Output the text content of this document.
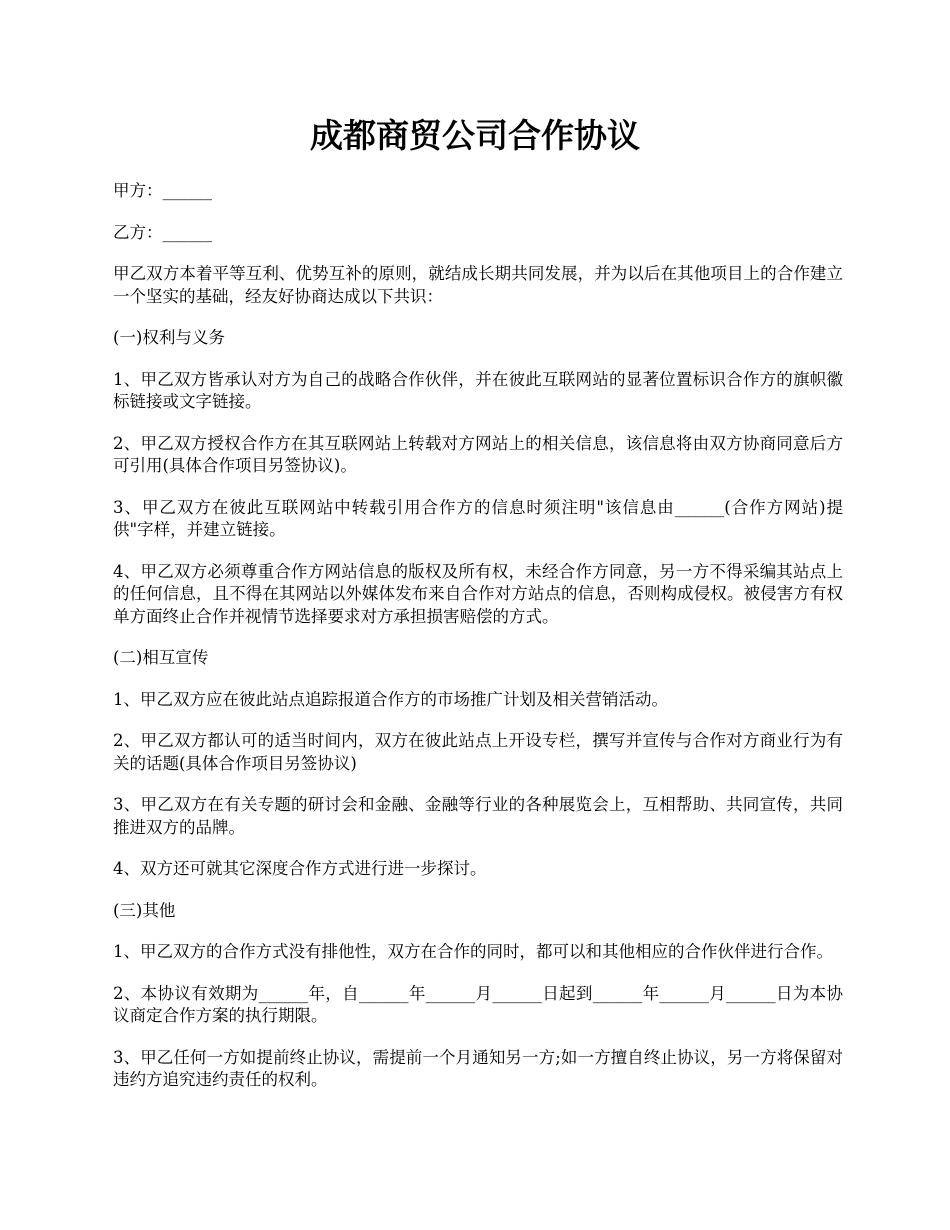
成都商贸公司合作协议

甲方：______

乙方：______

甲乙双方本着平等互利、优势互补的原则，就结成长期共同发展，并为以后在其他项目上的合作建立一个坚实的基础，经友好协商达成以下共识：

(一)权利与义务

1、甲乙双方皆承认对方为自己的战略合作伙伴，并在彼此互联网站的显著位置标识合作方的旗帜徽标链接或文字链接。

2、甲乙双方授权合作方在其互联网站上转载对方网站上的相关信息，该信息将由双方协商同意后方可引用(具体合作项目另签协议)。

3、甲乙双方在彼此互联网站中转载引用合作方的信息时须注明"该信息由______(合作方网站)提供"字样，并建立链接。

4、甲乙双方必须尊重合作方网站信息的版权及所有权，未经合作方同意，另一方不得采编其站点上的任何信息，且不得在其网站以外媒体发布来自合作对方站点的信息，否则构成侵权。被侵害方有权单方面终止合作并视情节选择要求对方承担损害赔偿的方式。

(二)相互宣传

1、甲乙双方应在彼此站点追踪报道合作方的市场推广计划及相关营销活动。

2、甲乙双方都认可的适当时间内，双方在彼此站点上开设专栏，撰写并宣传与合作对方商业行为有关的话题(具体合作项目另签协议)

3、甲乙双方在有关专题的研讨会和金融、金融等行业的各种展览会上，互相帮助、共同宣传，共同推进双方的品牌。

4、双方还可就其它深度合作方式进行进一步探讨。

(三)其他

1、甲乙双方的合作方式没有排他性，双方在合作的同时，都可以和其他相应的合作伙伴进行合作。

2、本协议有效期为______年，自______年______月______日起到______年______月______日为本协议商定合作方案的执行期限。

3、甲乙任何一方如提前终止协议，需提前一个月通知另一方;如一方擅自终止协议，另一方将保留对违约方追究违约责任的权利。
